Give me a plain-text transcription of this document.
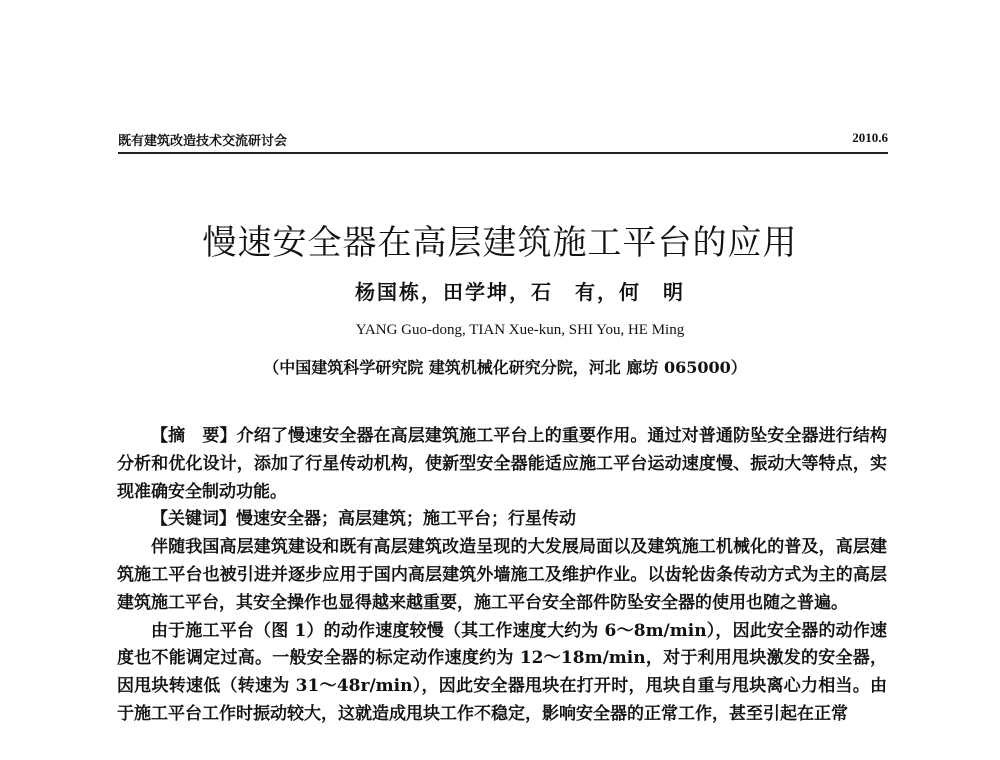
既有建筑改造技术交流研讨会	2010.6
慢速安全器在高层建筑施工平台的应用
杨国栋，田学坤，石　有，何　明
YANG Guo-dong, TIAN Xue-kun, SHI You, HE Ming
（中国建筑科学研究院 建筑机械化研究分院，河北 廊坊 065000）

【摘　要】介绍了慢速安全器在高层建筑施工平台上的重要作用。通过对普通防坠安全器进行结构分析和优化设计，添加了行星传动机构，使新型安全器能适应施工平台运动速度慢、振动大等特点，实现准确安全制动功能。

【关键词】慢速安全器；高层建筑；施工平台；行星传动

伴随我国高层建筑建设和既有高层建筑改造呈现的大发展局面以及建筑施工机械化的普及，高层建筑施工平台也被引进并逐步应用于国内高层建筑外墙施工及维护作业。以齿轮齿条传动方式为主的高层建筑施工平台，其安全操作也显得越来越重要，施工平台安全部件防坠安全器的使用也随之普遍。

由于施工平台（图 1）的动作速度较慢（其工作速度大约为 6～8m/min），因此安全器的动作速度也不能调定过高。一般安全器的标定动作速度约为 12～18m/min，对于利用甩块激发的安全器，因甩块转速低（转速为 31～48r/min），因此安全器甩块在打开时，甩块自重与甩块离心力相当。由于施工平台工作时振动较大，这就造成甩块工作不稳定，影响安全器的正常工作，甚至引起在正常
